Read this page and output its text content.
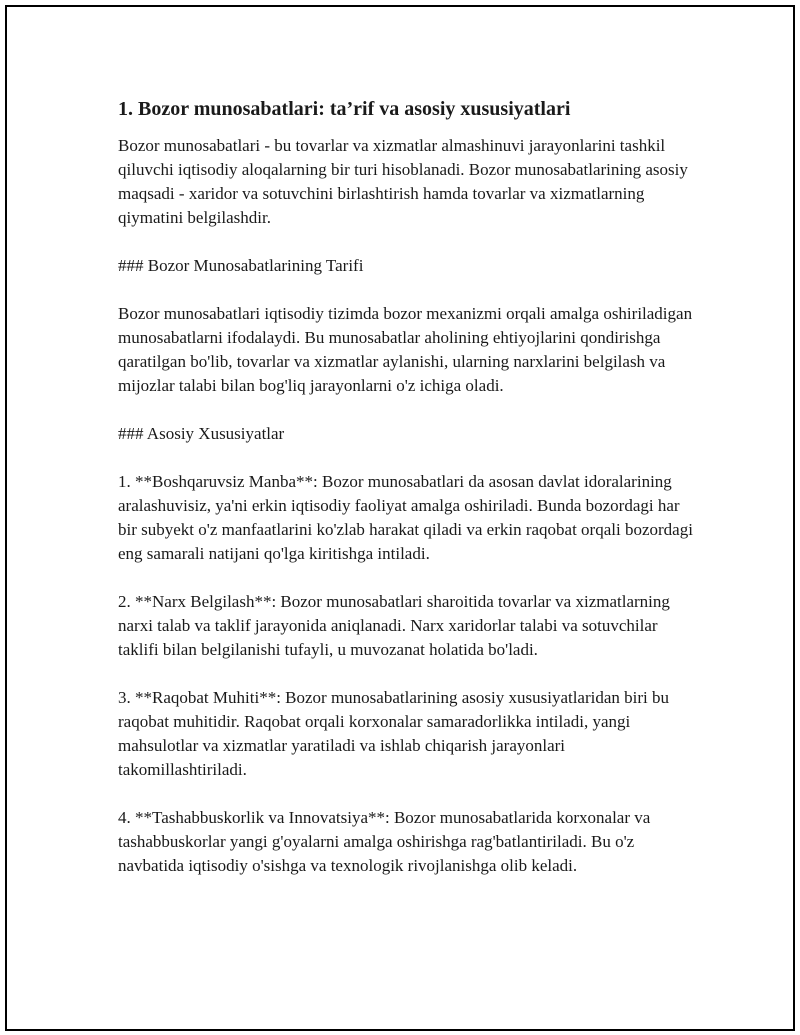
1. Bozor munosabatlari: ta’rif va asosiy xususiyatlari

Bozor munosabatlari - bu tovarlar va xizmatlar almashinuvi jarayonlarini tashkil qiluvchi iqtisodiy aloqalarning bir turi hisoblanadi. Bozor munosabatlarining asosiy maqsadi - xaridor va sotuvchini birlashtirish hamda tovarlar va xizmatlarning qiymatini belgilashdir.

### Bozor Munosabatlarining Tarifi

Bozor munosabatlari iqtisodiy tizimda bozor mexanizmi orqali amalga oshiriladigan munosabatlarni ifodalaydi. Bu munosabatlar aholining ehtiyojlarini qondirishga qaratilgan bo'lib, tovarlar va xizmatlar aylanishi, ularning narxlarini belgilash va mijozlar talabi bilan bog'liq jarayonlarni o'z ichiga oladi.

### Asosiy Xususiyatlar

1. **Boshqaruvsiz Manba**: Bozor munosabatlari da asosan davlat idoralarining aralashuvisiz, ya'ni erkin iqtisodiy faoliyat amalga oshiriladi. Bunda bozordagi har bir subyekt o'z manfaatlarini ko'zlab harakat qiladi va erkin raqobat orqali bozordagi eng samarali natijani qo'lga kiritishga intiladi.

2. **Narx Belgilash**: Bozor munosabatlari sharoitida tovarlar va xizmatlarning narxi talab va taklif jarayonida aniqlanadi. Narx xaridorlar talabi va sotuvchilar taklifi bilan belgilanishi tufayli, u muvozanat holatida bo'ladi.

3. **Raqobat Muhiti**: Bozor munosabatlarining asosiy xususiyatlaridan biri bu raqobat muhitidir. Raqobat orqali korxonalar samaradorlikka intiladi, yangi mahsulotlar va xizmatlar yaratiladi va ishlab chiqarish jarayonlari takomillashtiriladi.

4. **Tashabbuskorlik va Innovatsiya**: Bozor munosabatlarida korxonalar va tashabbuskorlar yangi g'oyalarni amalga oshirishga rag'batlantiriladi. Bu o'z navbatida iqtisodiy o'sishga va texnologik rivojlanishga olib keladi.
